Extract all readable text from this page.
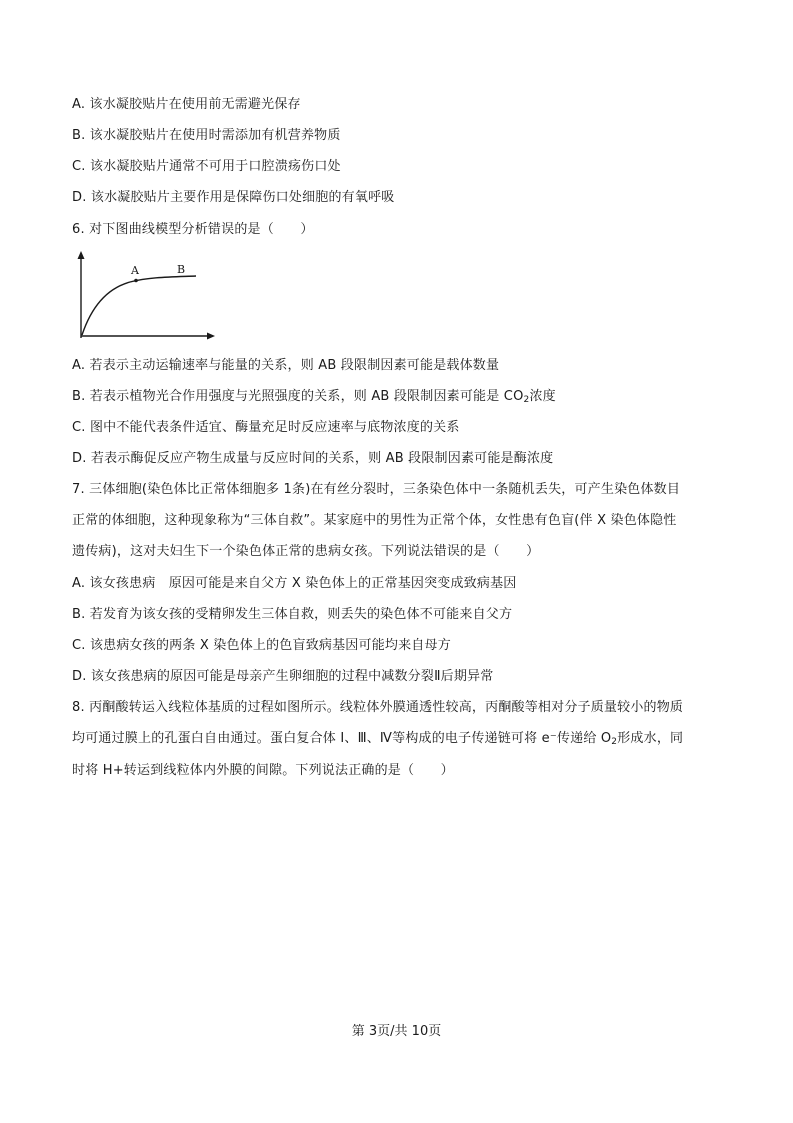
A. 该水凝胶贴片在使用前无需避光保存
B. 该水凝胶贴片在使用时需添加有机营养物质
C. 该水凝胶贴片通常不可用于口腔溃疡伤口处
D. 该水凝胶贴片主要作用是保障伤口处细胞的有氧呼吸
6. 对下图曲线模型分析错误的是（　　）
A	B
A. 若表示主动运输速率与能量的关系，则 AB 段限制因素可能是载体数量
B. 若表示植物光合作用强度与光照强度的关系，则 AB 段限制因素可能是 $CO_2$浓度
C. 图中不能代表条件适宜、酶量充足时反应速率与底物浓度的关系
D. 若表示酶促反应产物生成量与反应时间的关系，则 AB 段限制因素可能是酶浓度
7. 三体细胞(染色体比正常体细胞多 1条)在有丝分裂时，三条染色体中一条随机丢失，可产生染色体数目
正常的体细胞，这种现象称为“三体自救”。某家庭中的男性为正常个体，女性患有色盲(伴 X 染色体隐性
遗传病)，这对夫妇生下一个染色体正常的患病女孩。下列说法错误的是（　　）
A. 该女孩患病　原因可能是来自父方 X 染色体上的正常基因突变成致病基因
B. 若发育为该女孩的受精卵发生三体自救，则丢失的染色体不可能来自父方
C. 该患病女孩的两条 X 染色体上的色盲致病基因可能均来自母方
D. 该女孩患病的原因可能是母亲产生卵细胞的过程中减数分裂Ⅱ后期异常
8. 丙酮酸转运入线粒体基质的过程如图所示。线粒体外膜通透性较高，丙酮酸等相对分子质量较小的物质
均可通过膜上的孔蛋白自由通过。蛋白复合体 I、Ⅲ、Ⅳ等构成的电子传递链可将 e⁻传递给 $O_2$形成水，同
时将 H+转运到线粒体内外膜的间隙。下列说法正确的是（　　）
第 3页/共 10页
